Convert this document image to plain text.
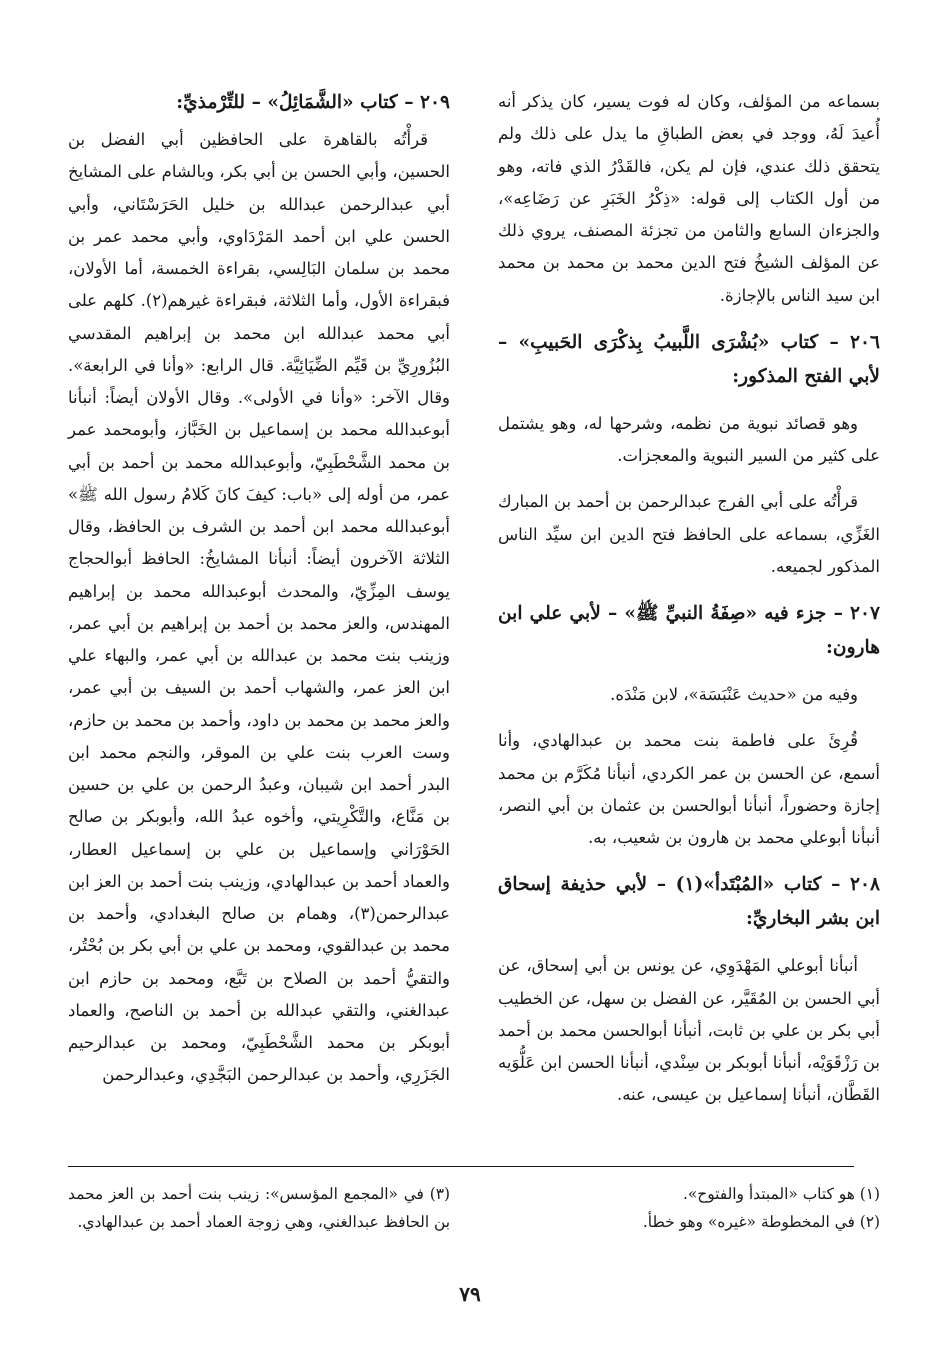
بسماعه من المؤلف، وكان له فوت يسير، كان يذكر أنه أُعيدَ لَهُ، ووجد في بعض الطباقِ ما يدل على ذلك ولم يتحقق ذلك عندي، فإن لم يكن، فالقَدْرُ الذي فاته، وهو من أول الكتاب إلى قوله: «ذِكْرُ الخَبَرِ عن رَضَاعِه»، والجزءان السابع والثامن من تجزئة المصنف، يروي ذلك عن المؤلف الشيخُ فتح الدين محمد بن محمد بن محمد ابن سيد الناس بالإجازة.

٢٠٦ – كتاب «بُشْرَى اللَّبيبُ بِذكْرَى الحَبيبِ» – لأبي الفتح المذكور:

وهو قصائد نبوية من نظمه، وشرحها له، وهو يشتمل على كثير من السير النبوية والمعجزات.

قرأْتُه على أبي الفرج عبدالرحمن بن أحمد بن المبارك الغَزِّي، بسماعه على الحافظ فتح الدين ابن سيِّد الناس المذكور لجميعه.

٢٠٧ – جزء فيه «صِفَةُ النبيِّ ﷺ» – لأبي علي ابن هارون:

وفيه من «حديث عَنْبَسَة»، لابن مَنْدَه.

قُرِئَ على فاطمة بنت محمد بن عبدالهادي، وأنا أسمع، عن الحسن بن عمر الكردي، أنبأنا مُكَرَّم بن محمد إجازة وحضوراً، أنبأنا أبوالحسن بن عثمان بن أبي النصر، أنبأنا أبوعلي محمد بن هارون بن شعيب، به.

٢٠٨ – كتاب «المُبْتَدأ»(١) – لأبي حذيفة إسحاق ابن بشر البخاريِّ:

أنبأنا أبوعلي المَهْدَوِي، عن يونس بن أبي إسحاق، عن أبي الحسن بن المُقَيَّر، عن الفضل بن سهل، عن الخطيب أبي بكر بن علي بن ثابت، أنبأنا أبوالحسن محمد بن أحمد بن رَزْقَوَيْه، أنبأنا أبوبكر بن سِنْدي، أنبأنا الحسن ابن عَلُّوَيه القَطَّان، أنبأنا إسماعيل بن عيسى، عنه.

٢٠٩ – كتاب «الشَّمَائِلُ» – للتِّرْمذيِّ:

قرأْتُه بالقاهرة على الحافظين أبي الفضل بن الحسين، وأبي الحسن بن أبي بكر، وبالشام على المشايخ أبي عبدالرحمن عبدالله بن خليل الحَرَسْتَاني، وأبي الحسن علي ابن أحمد المَرْدَاوي، وأبي محمد عمر بن محمد بن سلمان البَالِسي، بقراءة الخمسة، أما الأولان، فبقراءة الأول، وأما الثلاثة، فبقراءة غيرهم(٢). كلهم على أبي محمد عبدالله ابن محمد بن إبراهيم المقدسي البُزُورِيِّ بن قَيِّم الضِّيَائِيَّة. قال الرابع: «وأنا في الرابعة». وقال الآخر: «وأنا في الأولى». وقال الأولان أيضاً: أنبأنا أبوعبدالله محمد بن إسماعيل بن الخَبَّاز، وأبومحمد عمر بن محمد الشَّحْطَبِيّ، وأبوعبدالله محمد بن أحمد بن أبي عمر، من أوله إلى «باب: كيفَ كانَ كَلامُ رسول الله ﷺ» أبوعبدالله محمد ابن أحمد بن الشرف بن الحافظ، وقال الثلاثة الآخرون أيضاً: أنبأنا المشايخُ: الحافظ أبوالحجاج يوسف المِزِّيّ، والمحدث أبوعبدالله محمد بن إبراهيم المهندس، والعز محمد بن أحمد بن إبراهيم بن أبي عمر، وزينب بنت محمد بن عبدالله بن أبي عمر، والبهاء علي ابن العز عمر، والشهاب أحمد بن السيف بن أبي عمر، والعز محمد بن محمد بن داود، وأحمد بن محمد بن حازم، وست العرب بنت علي بن الموقر، والنجم محمد ابن البدر أحمد ابن شيبان، وعبدُ الرحمن بن علي بن حسين بن مَنَّاع، والتَّكْرِيتي، وأخوه عبدُ الله، وأبوبكر بن صالح الحَوْرَاني وإسماعيل بن علي بن إسماعيل العطار، والعماد أحمد بن عبدالهادي، وزينب بنت أحمد بن العز ابن عبدالرحمن(٣)، وهمام بن صالح البغدادي، وأحمد بن محمد بن عبدالقوي، ومحمد بن علي بن أبي بكر بن بُحْتُر، والتقيُّ أحمد بن الصلاح بن تَبَّع، ومحمد بن حازم ابن عبدالغني، والتقي عبدالله بن أحمد بن الناصح، والعماد أبوبكر بن محمد الشَّحْطَبِيّ، ومحمد بن عبدالرحيم الجَزَرِي، وأحمد بن عبدالرحمن البَجَّدِي، وعبدالرحمن

(١) هو كتاب «المبتدأ والفتوح».

(٢) في المخطوطة «غيره» وهو خطأ.

(٣) في «المجمع المؤسس»: زينب بنت أحمد بن العز محمد بن الحافظ عبدالغني، وهي زوجة العماد أحمد بن عبدالهادي.

٧٩
